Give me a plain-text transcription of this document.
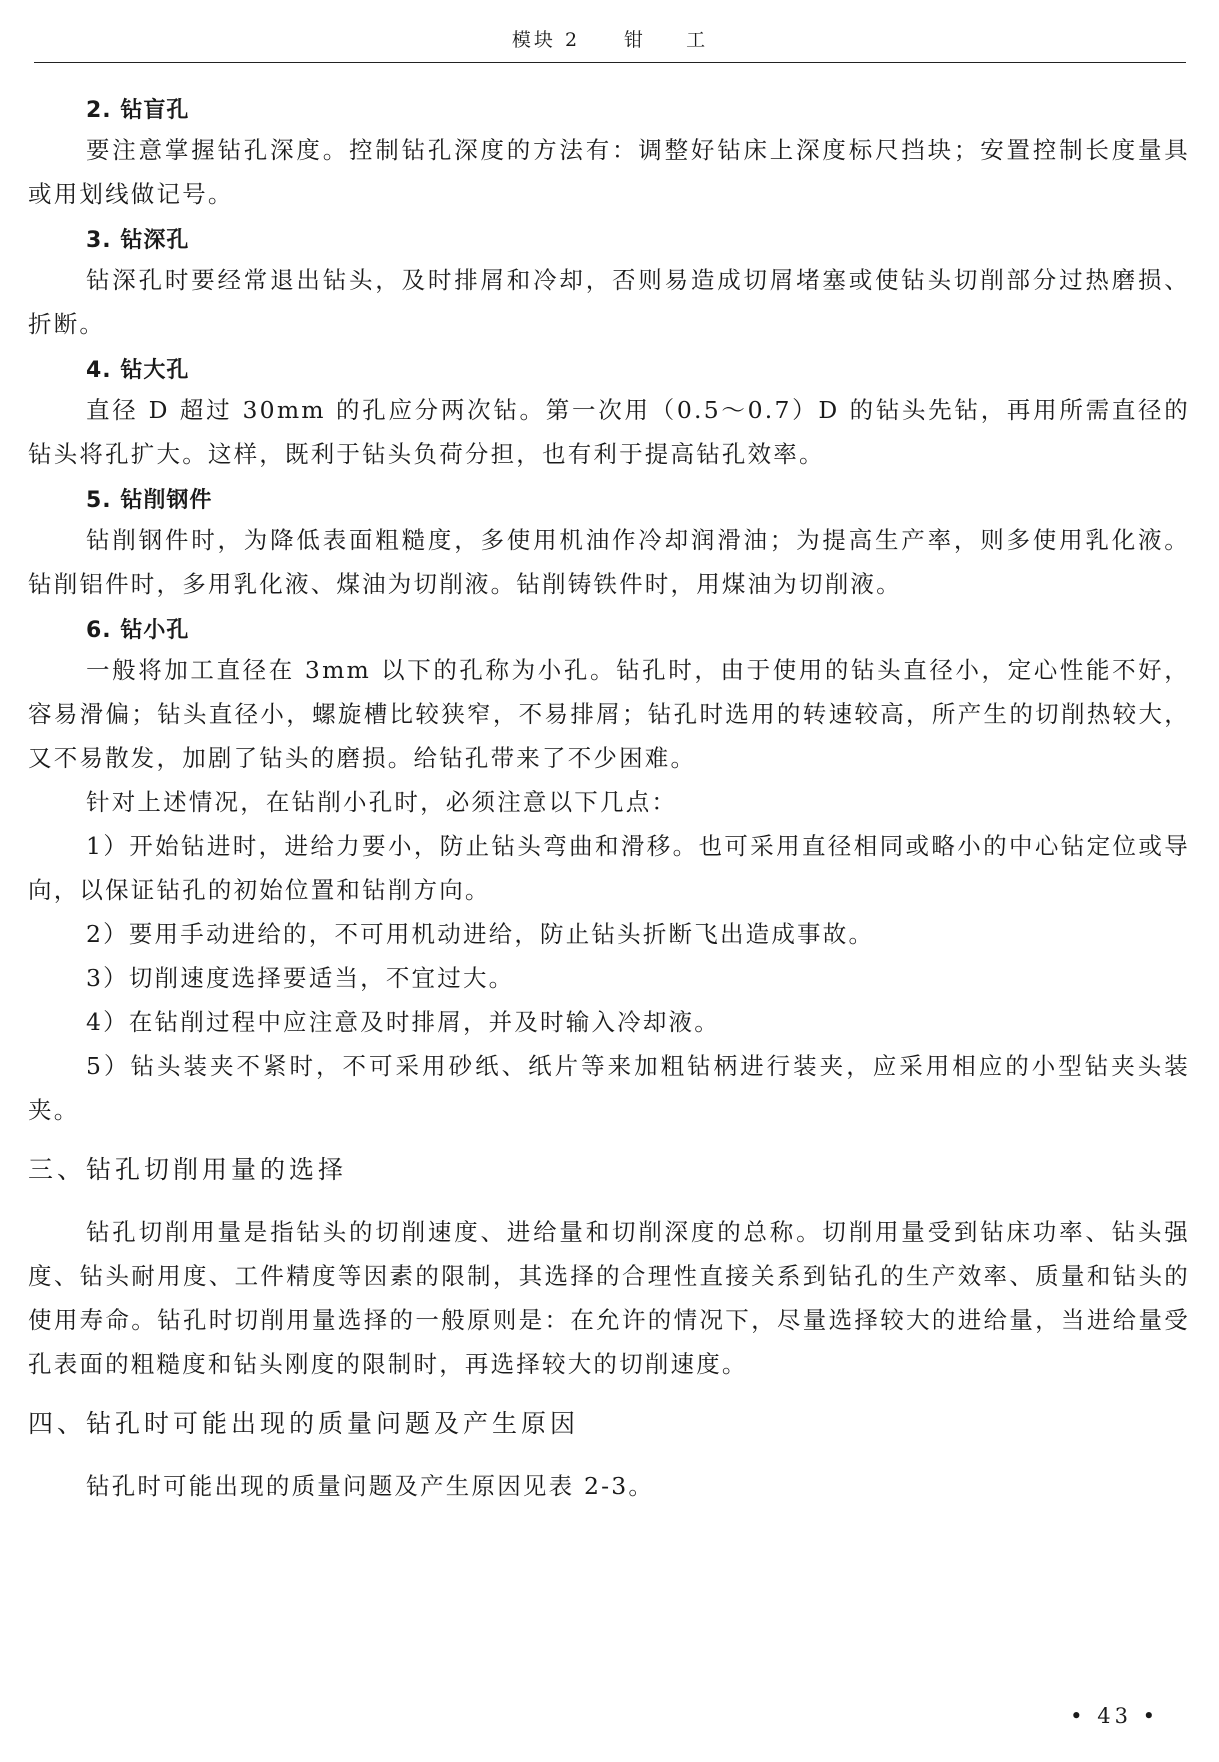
模块 2 钳 工
2. 钻盲孔

要注意掌握钻孔深度。控制钻孔深度的方法有：调整好钻床上深度标尺挡块；安置控制长度量具或用划线做记号。

3. 钻深孔

钻深孔时要经常退出钻头，及时排屑和冷却，否则易造成切屑堵塞或使钻头切削部分过热磨损、折断。

4. 钻大孔

直径 D 超过 30mm 的孔应分两次钻。第一次用（0.5～0.7）D 的钻头先钻，再用所需直径的钻头将孔扩大。这样，既利于钻头负荷分担，也有利于提高钻孔效率。

5. 钻削钢件

钻削钢件时，为降低表面粗糙度，多使用机油作冷却润滑油；为提高生产率，则多使用乳化液。钻削铝件时，多用乳化液、煤油为切削液。钻削铸铁件时，用煤油为切削液。

6. 钻小孔

一般将加工直径在 3mm 以下的孔称为小孔。钻孔时，由于使用的钻头直径小，定心性能不好，容易滑偏；钻头直径小，螺旋槽比较狭窄，不易排屑；钻孔时选用的转速较高，所产生的切削热较大，又不易散发，加剧了钻头的磨损。给钻孔带来了不少困难。

针对上述情况，在钻削小孔时，必须注意以下几点：

1）开始钻进时，进给力要小，防止钻头弯曲和滑移。也可采用直径相同或略小的中心钻定位或导向，以保证钻孔的初始位置和钻削方向。

2）要用手动进给的，不可用机动进给，防止钻头折断飞出造成事故。

3）切削速度选择要适当，不宜过大。

4）在钻削过程中应注意及时排屑，并及时输入冷却液。

5）钻头装夹不紧时，不可采用砂纸、纸片等来加粗钻柄进行装夹，应采用相应的小型钻夹头装夹。

三、钻孔切削用量的选择

钻孔切削用量是指钻头的切削速度、进给量和切削深度的总称。切削用量受到钻床功率、钻头强度、钻头耐用度、工件精度等因素的限制，其选择的合理性直接关系到钻孔的生产效率、质量和钻头的使用寿命。钻孔时切削用量选择的一般原则是：在允许的情况下，尽量选择较大的进给量，当进给量受孔表面的粗糙度和钻头刚度的限制时，再选择较大的切削速度。

四、钻孔时可能出现的质量问题及产生原因

钻孔时可能出现的质量问题及产生原因见表 2-3。

• 43 •
